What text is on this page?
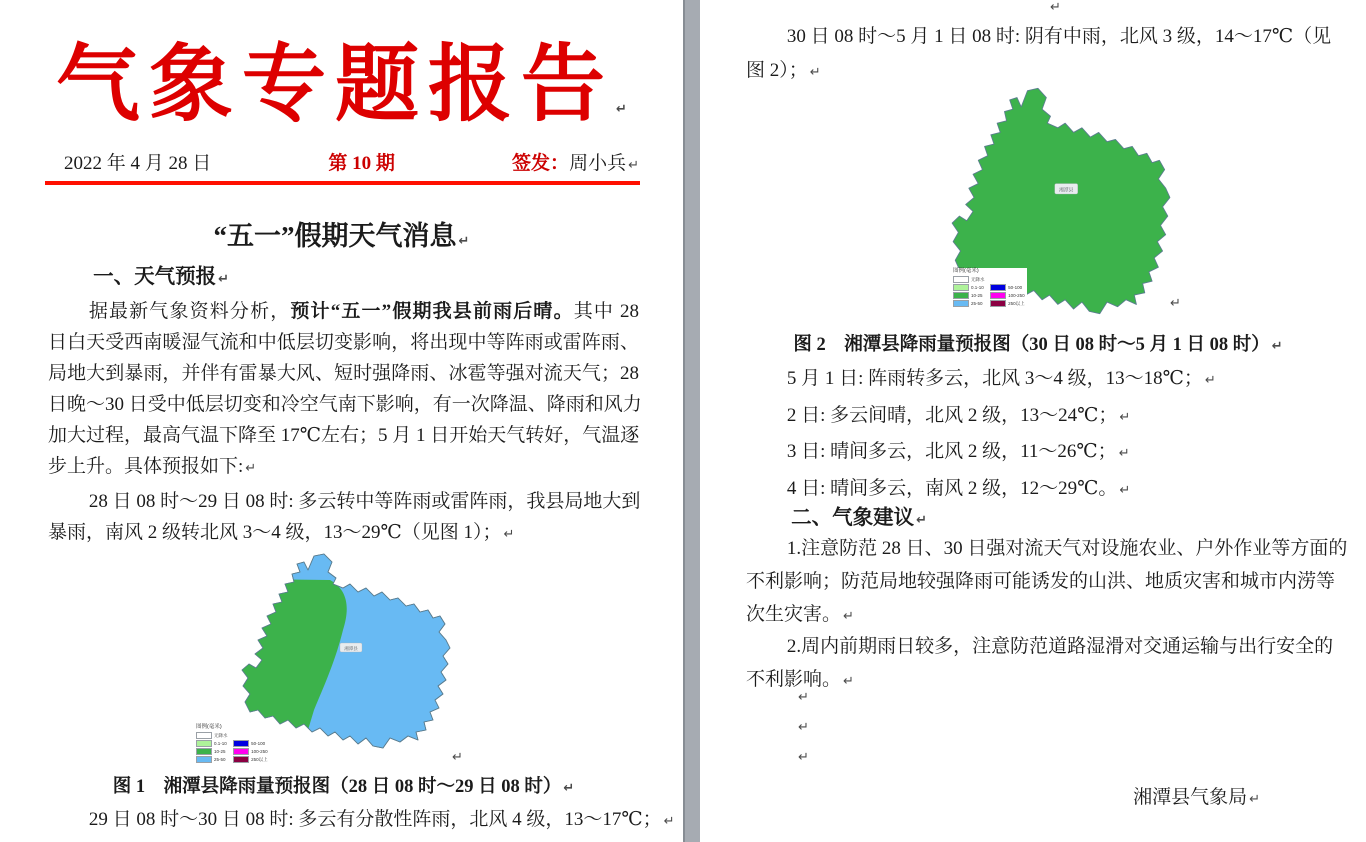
气象专题报告 ↵
2022 年 4 月 28 日	第 10 期	签发：周小兵 ↵
“五一”假期天气消息 ↵
一、天气预报 ↵
据最新气象资料分析，预计“五一”假期我县前雨后晴。其中 28
日白天受西南暖湿气流和中低层切变影响，将出现中等阵雨或雷阵雨、
局地大到暴雨，并伴有雷暴大风、短时强降雨、冰雹等强对流天气；28
日晚～30 日受中低层切变和冷空气南下影响，有一次降温、降雨和风力
加大过程，最高气温下降至 17℃左右；5 月 1 日开始天气转好，气温逐
步上升。具体预报如下: ↵
28 日 08 时～29 日 08 时: 多云转中等阵雨或雷阵雨，我县局地大到
暴雨，南风 2 级转北风 3～4 级，13～29℃（见图 1）； ↵
湘潭县
图例(毫米)
无降水
0.1-10
10-25
25-50
50-100
100-250
250以上	↵
图 1　湘潭县降雨量预报图（28 日 08 时～29 日 08 时） ↵
29 日 08 时～30 日 08 时: 多云有分散性阵雨，北风 4 级，13～17℃； ↵
↵
30 日 08 时～5 月 1 日 08 时: 阴有中雨，北风 3 级，14～17℃（见
图 2）； ↵
湘潭县
图例(毫米)
无降水
0.1-10
10-25
25-50
50-100
100-250
250以上	↵
图 2　湘潭县降雨量预报图（30 日 08 时～5 月 1 日 08 时） ↵
5 月 1 日: 阵雨转多云，北风 3～4 级，13～18℃； ↵
2 日: 多云间晴，北风 2 级，13～24℃； ↵
3 日: 晴间多云，北风 2 级，11～26℃； ↵
4 日: 晴间多云，南风 2 级，12～29℃。 ↵
二、气象建议 ↵
1.注意防范 28 日、30 日强对流天气对设施农业、户外作业等方面的
不利影响；防范局地较强降雨可能诱发的山洪、地质灾害和城市内涝等
次生灾害。 ↵
2.周内前期雨日较多，注意防范道路湿滑对交通运输与出行安全的
不利影响。 ↵
↵
↵
↵
湘潭县气象局 ↵
